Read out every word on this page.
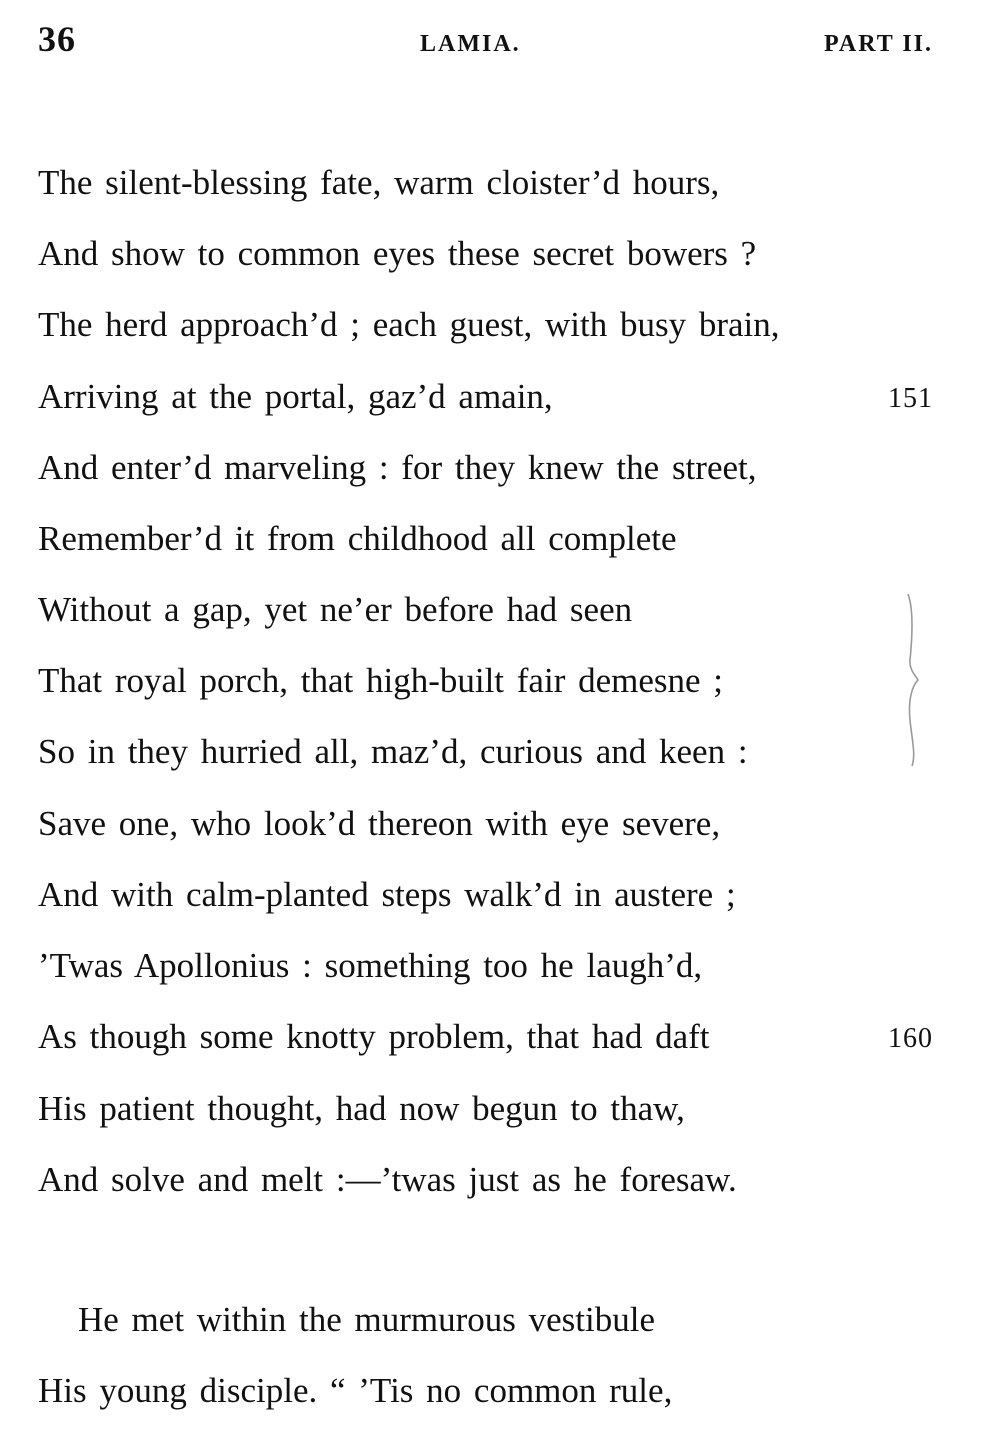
36	LAMIA.	PART II.
The silent-blessing fate, warm cloister’d hours,
And show to common eyes these secret bowers ?
The herd approach’d ; each guest, with busy brain,
Arriving at the portal, gaz’d amain,	151
And enter’d marveling : for they knew the street,
Remember’d it from childhood all complete
Without a gap, yet ne’er before had seen
That royal porch, that high-built fair demesne ;
So in they hurried all, maz’d, curious and keen :
Save one, who look’d thereon with eye severe,
And with calm-planted steps walk’d in austere ;
’Twas Apollonius : something too he laugh’d,
As though some knotty problem, that had daft	160
His patient thought, had now begun to thaw,
And solve and melt :—’twas just as he foresaw.
He met within the murmurous vestibule
His young disciple. “ ’Tis no common rule,
